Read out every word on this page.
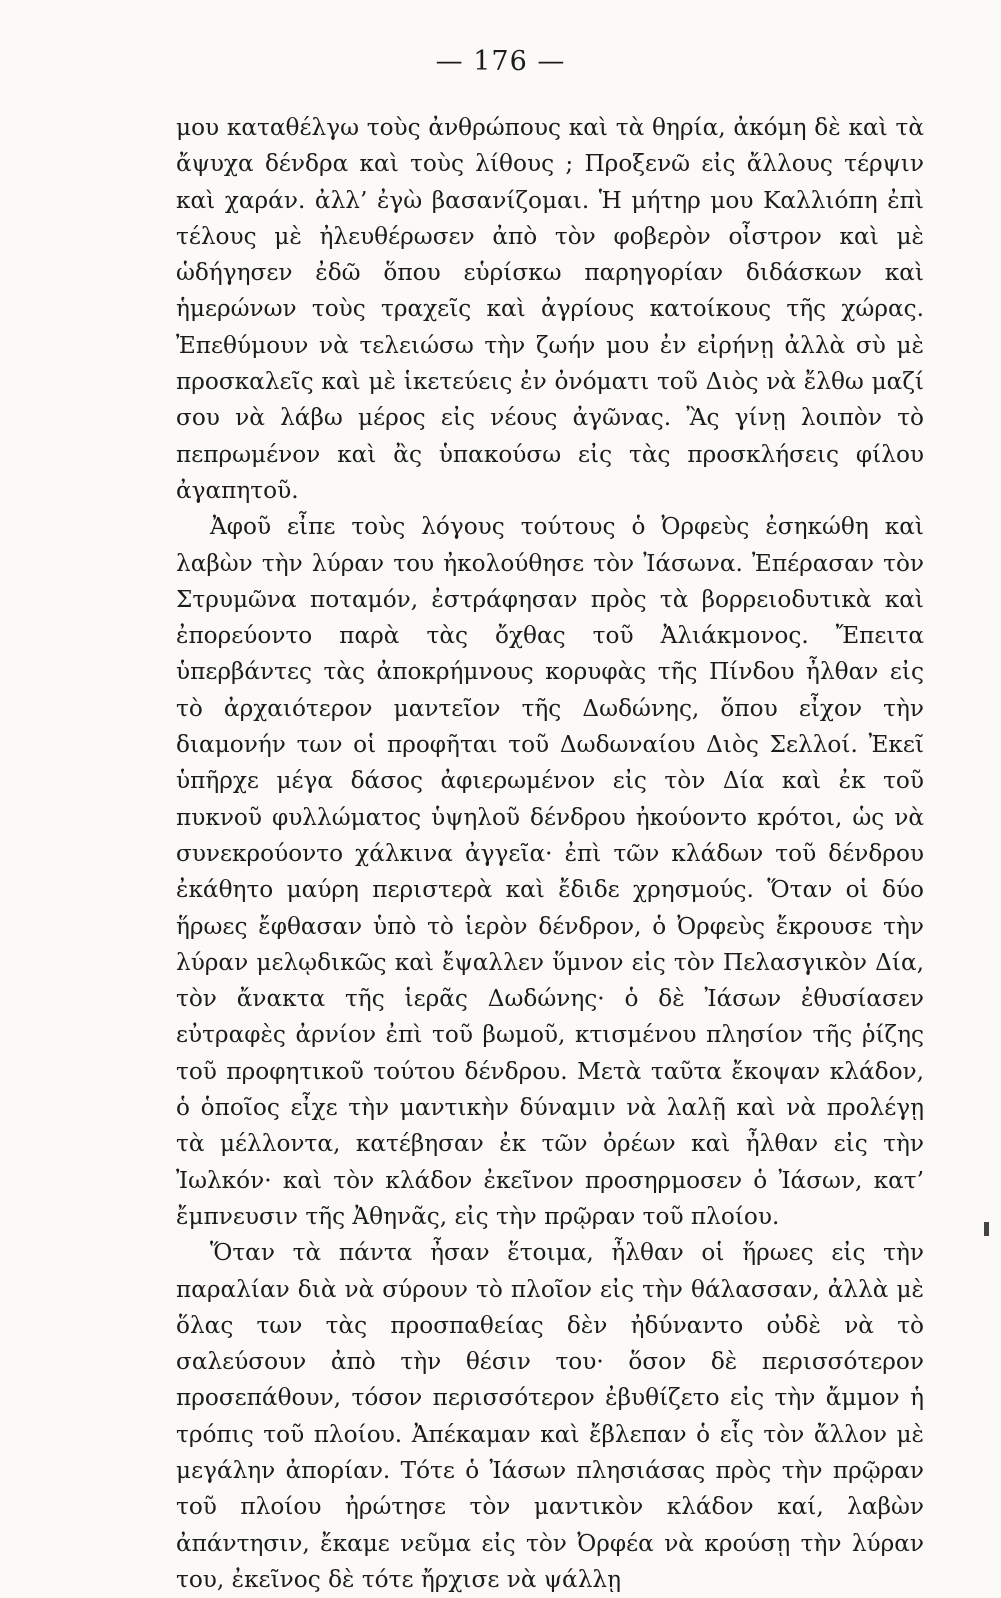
— 176 —

μου καταθέλγω τοὺς ἀνθρώπους καὶ τὰ θηρία, ἀκόμη δὲ καὶ τὰ ἄψυχα δένδρα καὶ τοὺς λίθους ; Προξενῶ εἰς ἄλλους τέρψιν καὶ χαράν. ἀλλ’ ἐγὼ βασανίζομαι. Ἡ μήτηρ μου Καλλιόπη ἐπὶ τέλους μὲ ἠλευθέρωσεν ἀπὸ τὸν φοβερὸν οἶστρον καὶ μὲ ὡδήγησεν ἐδῶ ὅπου εὑρίσκω παρηγορίαν διδάσκων καὶ ἡμερώνων τοὺς τραχεῖς καὶ ἀγρίους κατοίκους τῆς χώρας. Ἐπεθύμουν νὰ τελειώσω τὴν ζωήν μου ἐν εἰρήνῃ ἀλλὰ σὺ μὲ προσκαλεῖς καὶ μὲ ἱκετεύεις ἐν ὀνόματι τοῦ Διὸς νὰ ἔλθω μαζί σου νὰ λάβω μέρος εἰς νέους ἀγῶνας. Ἂς γίνῃ λοιπὸν τὸ πεπρωμένον καὶ ἂς ὑπακούσω εἰς τὰς προσκλήσεις φίλου ἀγαπητοῦ.

Ἀφοῦ εἶπε τοὺς λόγους τούτους ὁ Ὀρφεὺς ἐσηκώθη καὶ λαβὼν τὴν λύραν του ἠκολούθησε τὸν Ἰάσωνα. Ἐπέρασαν τὸν Στρυμῶνα ποταμόν, ἐστράφησαν πρὸς τὰ βορρειοδυτικὰ καὶ ἐπορεύοντο παρὰ τὰς ὄχθας τοῦ Ἀλιάκμονος. Ἔπειτα ὑπερβάντες τὰς ἀποκρήμνους κορυφὰς τῆς Πίνδου ἦλθαν εἰς τὸ ἀρχαιότερον μαντεῖον τῆς Δωδώνης, ὅπου εἶχον τὴν διαμονήν των οἱ προφῆται τοῦ Δωδωναίου Διὸς Σελλοί. Ἐκεῖ ὑπῆρχε μέγα δάσος ἀφιερωμένον εἰς τὸν Δία καὶ ἐκ τοῦ πυκνοῦ φυλλώματος ὑψηλοῦ δένδρου ἠκούοντο κρότοι, ὡς νὰ συνεκρούοντο χάλκινα ἀγγεῖα· ἐπὶ τῶν κλάδων τοῦ δένδρου ἐκάθητο μαύρη περιστερὰ καὶ ἔδιδε χρησμούς. Ὅταν οἱ δύο ἥρωες ἔφθασαν ὑπὸ τὸ ἱερὸν δένδρον, ὁ Ὀρφεὺς ἔκρουσε τὴν λύραν μελῳδικῶς καὶ ἔψαλλεν ὕμνον εἰς τὸν Πελασγικὸν Δία, τὸν ἄνακτα τῆς ἱερᾶς Δωδώνης· ὁ δὲ Ἰάσων ἐθυσίασεν εὐτραφὲς ἀρνίον ἐπὶ τοῦ βωμοῦ, κτισμένου πλησίον τῆς ῥίζης τοῦ προφητικοῦ τούτου δένδρου. Μετὰ ταῦτα ἔκοψαν κλάδον, ὁ ὁποῖος εἶχε τὴν μαντικὴν δύναμιν νὰ λαλῇ καὶ νὰ προλέγῃ τὰ μέλλοντα, κατέβησαν ἐκ τῶν ὀρέων καὶ ἦλθαν εἰς τὴν Ἰωλκόν· καὶ τὸν κλάδον ἐκεῖνον προσηρμοσεν ὁ Ἰάσων, κατ’ ἔμπνευσιν τῆς Ἀθηνᾶς, εἰς τὴν πρῷραν τοῦ πλοίου.

Ὅταν τὰ πάντα ἦσαν ἕτοιμα, ἦλθαν οἱ ἥρωες εἰς τὴν παραλίαν διὰ νὰ σύρουν τὸ πλοῖον εἰς τὴν θάλασσαν, ἀλλὰ μὲ ὅλας των τὰς προσπαθείας δὲν ἠδύναντο οὐδὲ νὰ τὸ σαλεύσουν ἀπὸ τὴν θέσιν του· ὅσον δὲ περισσότερον προσεπάθουν, τόσον περισσότερον ἐβυθίζετο εἰς τὴν ἄμμον ἡ τρόπις τοῦ πλοίου. Ἀπέκαμαν καὶ ἔβλεπαν ὁ εἷς τὸν ἄλλον μὲ μεγάλην ἀπορίαν. Τότε ὁ Ἰάσων πλησιάσας πρὸς τὴν πρῷραν τοῦ πλοίου ἠρώτησε τὸν μαντικὸν κλάδον καί, λαβὼν ἀπάντησιν, ἔκαμε νεῦμα εἰς τὸν Ὀρφέα νὰ κρούσῃ τὴν λύραν του, ἐκεῖνος δὲ τότε ἤρχισε νὰ ψάλλῃ
